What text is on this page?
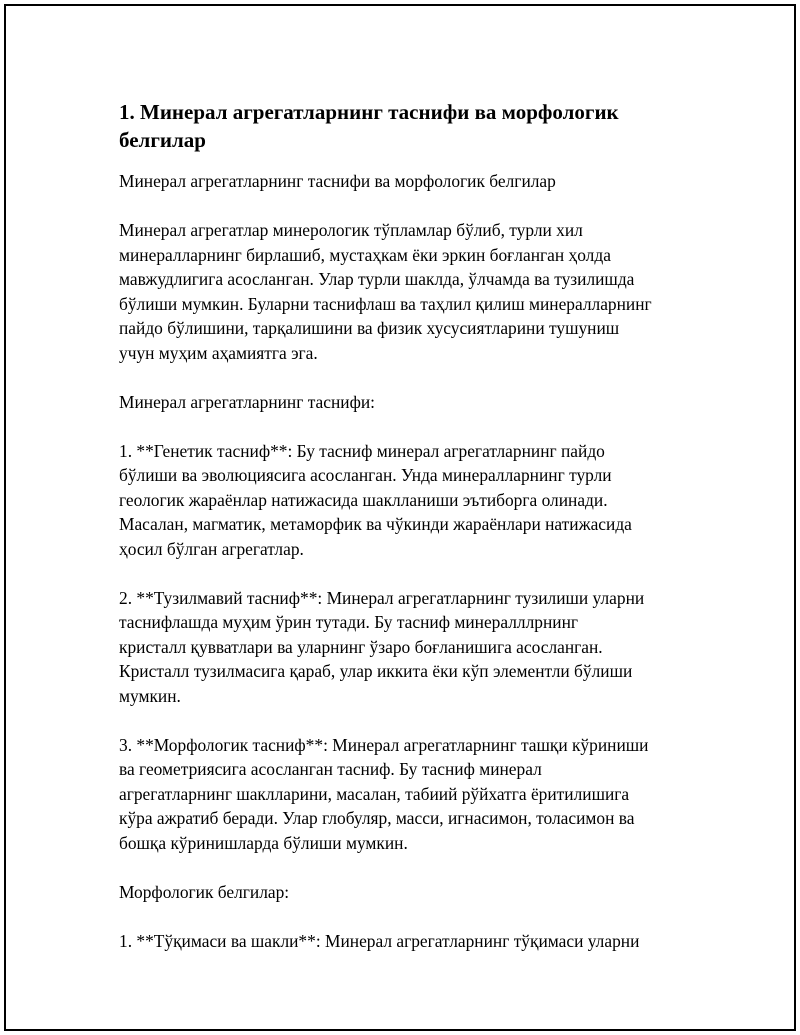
1. Минерал агрегатларнинг таснифи ва морфологик белгилар

Минерал агрегатларнинг таснифи ва морфологик белгилар

Минерал агрегатлар минерологик тўпламлар бўлиб, турли хил
минералларнинг бирлашиб, мустаҳкам ёки эркин боғланган ҳолда
мавжудлигига асосланган. Улар турли шаклда, ўлчамда ва тузилишда
бўлиши мумкин. Буларни таснифлаш ва таҳлил қилиш минералларнинг
пайдо бўлишини, тарқалишини ва физик хусусиятларини тушуниш
учун муҳим аҳамиятга эга.

Минерал агрегатларнинг таснифи:

1. **Генетик тасниф**: Бу тасниф минерал агрегатларнинг пайдо
бўлиши ва эволюциясига асосланган. Унда минералларнинг турли
геологик жараёнлар натижасида шаклланиши эътиборга олинади.
Масалан, магматик, метаморфик ва чўкинди жараёнлари натижасида
ҳосил бўлган агрегатлар.

2. **Тузилмавий тасниф**: Минерал агрегатларнинг тузилиши уларни
таснифлашда муҳим ўрин тутади. Бу тасниф минералллрнинг
кристалл қувватлари ва уларнинг ўзаро боғланишига асосланган.
Кристалл тузилмасига қараб, улар иккита ёки кўп элементли бўлиши
мумкин.

3. **Морфологик тасниф**: Минерал агрегатларнинг ташқи кўриниши
ва геометриясига асосланган тасниф. Бу тасниф минерал
агрегатларнинг шаклларини, масалан, табиий рўйхатга ёритилишига
кўра ажратиб беради. Улар глобуляр, масси, игнасимон, толасимон ва
бошқа кўринишларда бўлиши мумкин.

Морфологик белгилар:

1. **Тўқимаси ва шакли**: Минерал агрегатларнинг тўқимаси уларни
